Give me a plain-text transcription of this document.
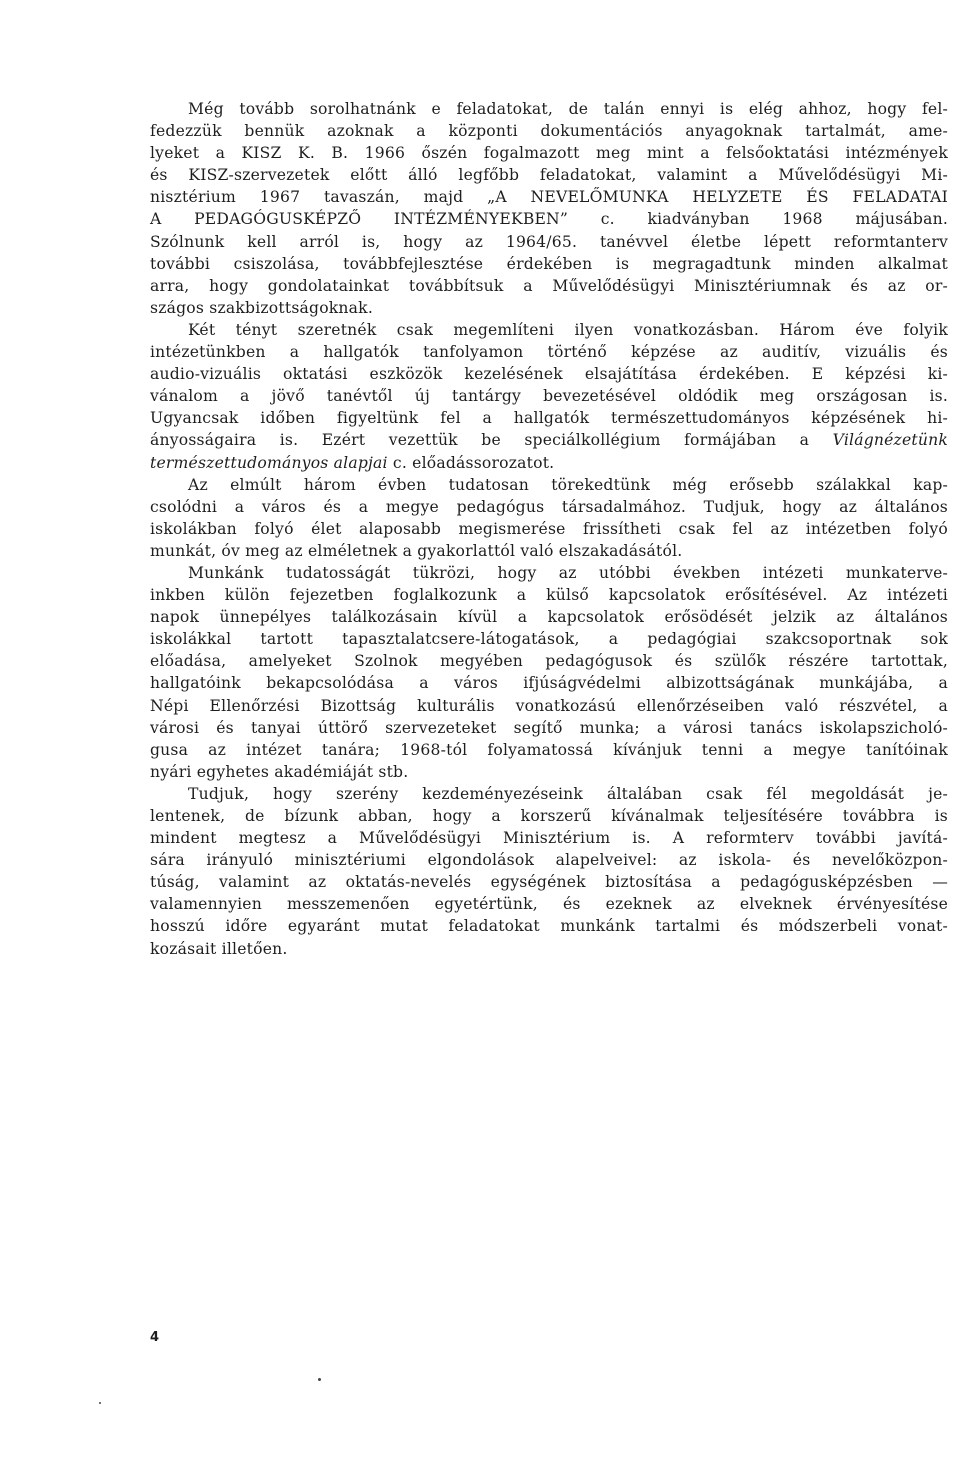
Még tovább sorolhatnánk e feladatokat, de talán ennyi is elég ahhoz, hogy fel-
fedezzük bennük azoknak a központi dokumentációs anyagoknak tartalmát, ame-
lyeket a KISZ K. B. 1966 őszén fogalmazott meg mint a felsőoktatási intézmények
és KISZ-szervezetek előtt álló legfőbb feladatokat, valamint a Művelődésügyi Mi-
nisztérium 1967 tavaszán, majd „A NEVELŐMUNKA HELYZETE ÉS FELADATAI
A PEDAGÓGUSKÉPZŐ INTÉZMÉNYEKBEN” c. kiadványban 1968 májusában.
Szólnunk kell arról is, hogy az 1964/65. tanévvel életbe lépett reformtanterv
további csiszolása, továbbfejlesztése érdekében is megragadtunk minden alkalmat
arra, hogy gondolatainkat továbbítsuk a Művelődésügyi Minisztériumnak és az or-
szágos szakbizottságoknak.
Két tényt szeretnék csak megemlíteni ilyen vonatkozásban. Három éve folyik
intézetünkben a hallgatók tanfolyamon történő képzése az auditív, vizuális és
audio-vizuális oktatási eszközök kezelésének elsajátítása érdekében. E képzési ki-
vánalom a jövő tanévtől új tantárgy bevezetésével oldódik meg országosan is.
Ugyancsak időben figyeltünk fel a hallgatók természettudományos képzésének hi-
ányosságaira is. Ezért vezettük be speciálkollégium formájában a Világnézetünk
természettudományos alapjai c. előadássorozatot.
Az elmúlt három évben tudatosan törekedtünk még erősebb szálakkal kap-
csolódni a város és a megye pedagógus társadalmához. Tudjuk, hogy az általános
iskolákban folyó élet alaposabb megismerése frissítheti csak fel az intézetben folyó
munkát, óv meg az elméletnek a gyakorlattól való elszakadásától.
Munkánk tudatosságát tükrözi, hogy az utóbbi években intézeti munkaterve-
inkben külön fejezetben foglalkozunk a külső kapcsolatok erősítésével. Az intézeti
napok ünnepélyes találkozásain kívül a kapcsolatok erősödését jelzik az általános
iskolákkal tartott tapasztalatcsere-látogatások, a pedagógiai szakcsoportnak sok
előadása, amelyeket Szolnok megyében pedagógusok és szülők részére tartottak,
hallgatóink bekapcsolódása a város ifjúságvédelmi albizottságának munkájába, a
Népi Ellenőrzési Bizottság kulturális vonatkozású ellenőrzéseiben való részvétel, a
városi és tanyai úttörő szervezeteket segítő munka; a városi tanács iskolapszicholó-
gusa az intézet tanára; 1968-tól folyamatossá kívánjuk tenni a megye tanítóinak
nyári egyhetes akadémiáját stb.
Tudjuk, hogy szerény kezdeményezéseink általában csak fél megoldását je-
lentenek, de bízunk abban, hogy a korszerű kívánalmak teljesítésére továbbra is
mindent megtesz a Művelődésügyi Minisztérium is. A reformterv további javítá-
sára irányuló minisztériumi elgondolások alapelveivel: az iskola- és nevelőközpon-
túság, valamint az oktatás-nevelés egységének biztosítása a pedagógusképzésben —
valamennyien messzemenően egyetértünk, és ezeknek az elveknek érvényesítése
hosszú időre egyaránt mutat feladatokat munkánk tartalmi és módszerbeli vonat-
kozásait illetően.
4
